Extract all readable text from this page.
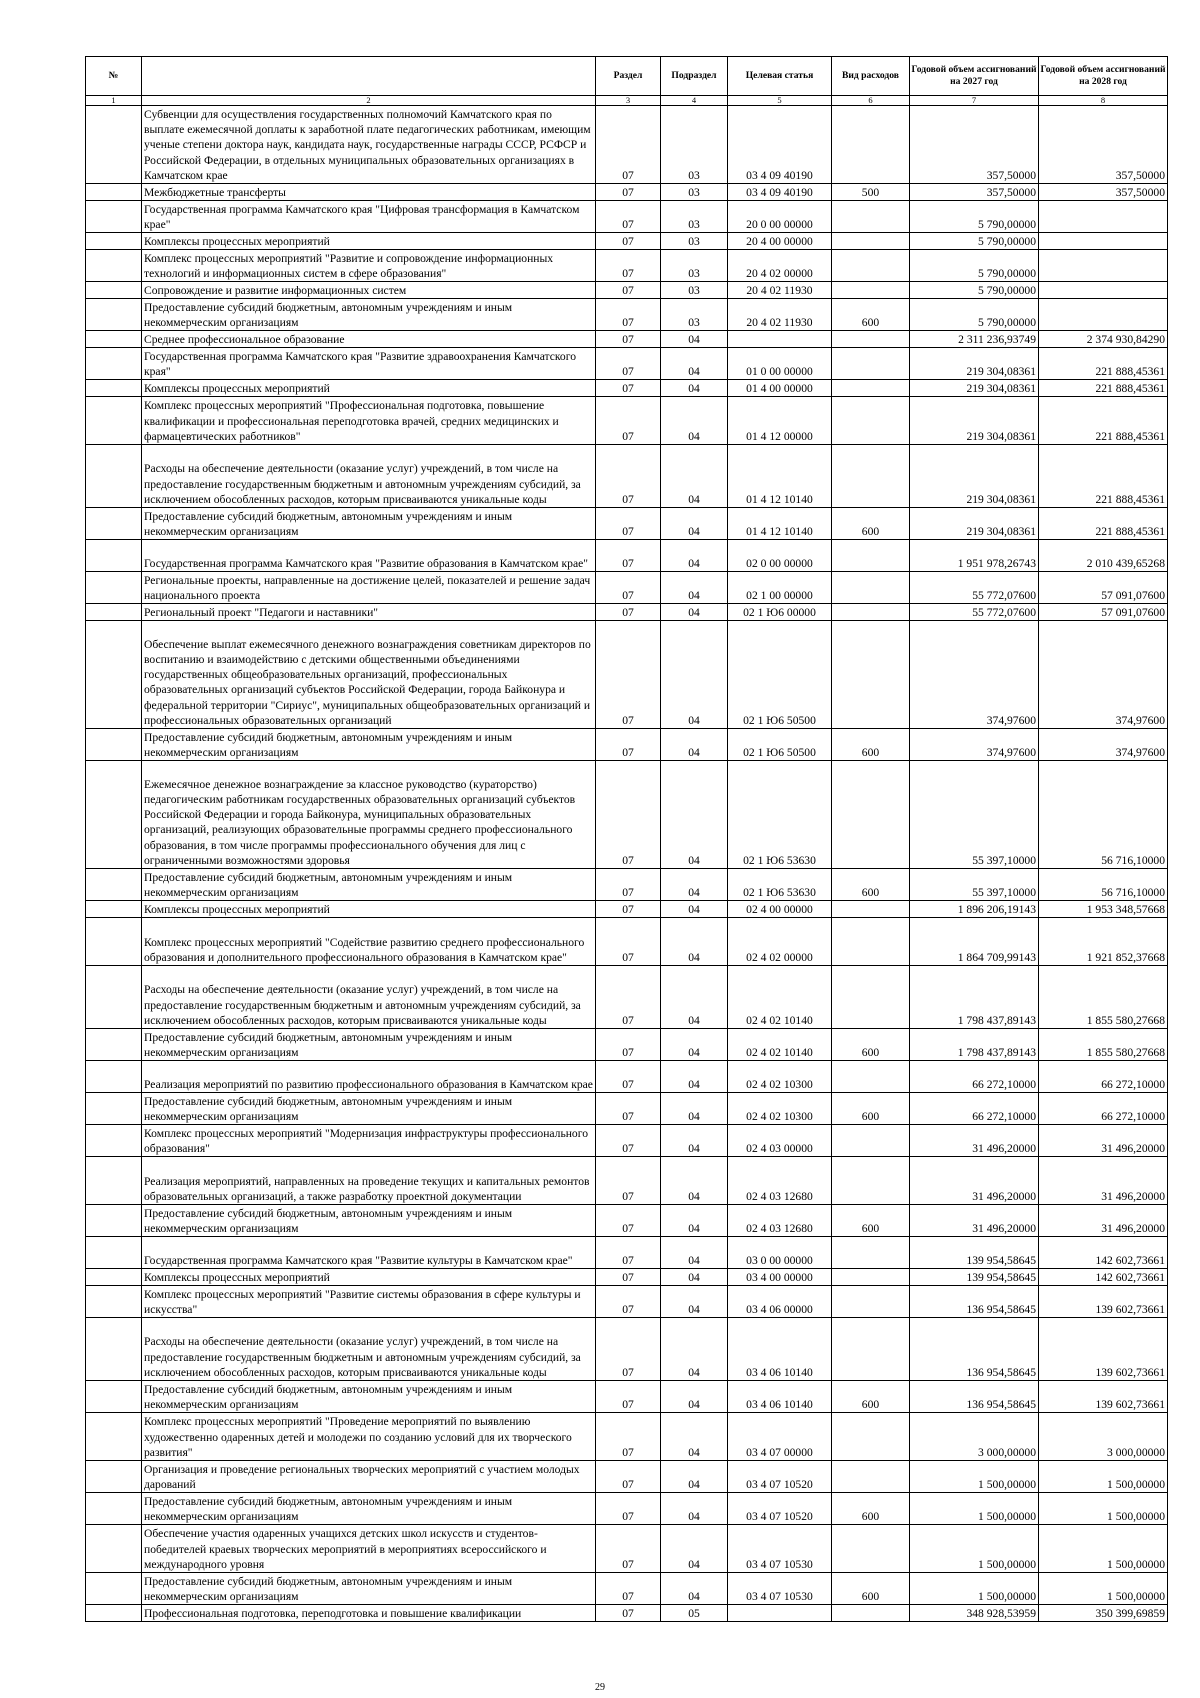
№		Раздел	Подраздел	Целевая статья	Вид расходов	Годовой объем ассигнований на 2027 год	Годовой объем ассигнований на 2028 год
1	2	3	4	5	6	7	8
	Субвенции для осуществления государственных полномочий Камчатского края по выплате ежемесячной доплаты к заработной плате педагогических работникам, имеющим ученые степени доктора наук, кандидата наук, государственные награды СССР, РСФСР и Российской Федерации, в отдельных муниципальных образовательных организациях в Камчатском крае	07	03	03 4 09 40190		357,50000	357,50000
	Межбюджетные трансферты	07	03	03 4 09 40190	500	357,50000	357,50000
	Государственная программа Камчатского края "Цифровая трансформация в Камчатском крае"	07	03	20 0 00 00000		5 790,00000	
	Комплексы процессных мероприятий	07	03	20 4 00 00000		5 790,00000	
	Комплекс процессных мероприятий "Развитие и сопровождение информационных технологий и информационных систем в сфере образования"	07	03	20 4 02 00000		5 790,00000	
	Сопровождение и развитие информационных систем	07	03	20 4 02 11930		5 790,00000	
	Предоставление субсидий бюджетным, автономным учреждениям и иным некоммерческим организациям	07	03	20 4 02 11930	600	5 790,00000	
	Среднее профессиональное образование	07	04			2 311 236,93749	2 374 930,84290
	Государственная программа Камчатского края "Развитие здравоохранения Камчатского края"	07	04	01 0 00 00000		219 304,08361	221 888,45361
	Комплексы процессных мероприятий	07	04	01 4 00 00000		219 304,08361	221 888,45361
	Комплекс процессных мероприятий "Профессиональная подготовка, повышение квалификации и профессиональная переподготовка врачей, средних медицинских и фармацевтических работников"	07	04	01 4 12 00000		219 304,08361	221 888,45361
	Расходы на обеспечение деятельности (оказание услуг) учреждений, в том числе на предоставление государственным бюджетным и автономным учреждениям субсидий, за исключением обособленных расходов, которым присваиваются уникальные коды	07	04	01 4 12 10140		219 304,08361	221 888,45361
	Предоставление субсидий бюджетным, автономным учреждениям и иным некоммерческим организациям	07	04	01 4 12 10140	600	219 304,08361	221 888,45361
	Государственная программа Камчатского края "Развитие образования в Камчатском крае"	07	04	02 0 00 00000		1 951 978,26743	2 010 439,65268
	Региональные проекты, направленные на достижение целей, показателей и решение задач национального проекта	07	04	02 1 00 00000		55 772,07600	57 091,07600
	Региональный проект "Педагоги и наставники"	07	04	02 1 Ю6 00000		55 772,07600	57 091,07600
	Обеспечение выплат ежемесячного денежного вознаграждения советникам директоров по воспитанию и взаимодействию с детскими общественными объединениями государственных общеобразовательных организаций, профессиональных образовательных организаций субъектов Российской Федерации, города Байконура и федеральной территории "Сириус", муниципальных общеобразовательных организаций и профессиональных образовательных организаций	07	04	02 1 Ю6 50500		374,97600	374,97600
	Предоставление субсидий бюджетным, автономным учреждениям и иным некоммерческим организациям	07	04	02 1 Ю6 50500	600	374,97600	374,97600
	Ежемесячное денежное вознаграждение за классное руководство (кураторство) педагогическим работникам государственных образовательных организаций субъектов Российской Федерации и города Байконура, муниципальных образовательных организаций, реализующих образовательные программы среднего профессионального образования, в том числе программы профессионального обучения для лиц с ограниченными возможностями здоровья	07	04	02 1 Ю6 53630		55 397,10000	56 716,10000
	Предоставление субсидий бюджетным, автономным учреждениям и иным некоммерческим организациям	07	04	02 1 Ю6 53630	600	55 397,10000	56 716,10000
	Комплексы процессных мероприятий	07	04	02 4 00 00000		1 896 206,19143	1 953 348,57668
	Комплекс процессных мероприятий "Содействие развитию среднего профессионального образования и дополнительного профессионального образования в Камчатском крае"	07	04	02 4 02 00000		1 864 709,99143	1 921 852,37668
	Расходы на обеспечение деятельности (оказание услуг) учреждений, в том числе на предоставление государственным бюджетным и автономным учреждениям субсидий, за исключением обособленных расходов, которым присваиваются уникальные коды	07	04	02 4 02 10140		1 798 437,89143	1 855 580,27668
	Предоставление субсидий бюджетным, автономным учреждениям и иным некоммерческим организациям	07	04	02 4 02 10140	600	1 798 437,89143	1 855 580,27668
	Реализация мероприятий по развитию профессионального образования в Камчатском крае	07	04	02 4 02 10300		66 272,10000	66 272,10000
	Предоставление субсидий бюджетным, автономным учреждениям и иным некоммерческим организациям	07	04	02 4 02 10300	600	66 272,10000	66 272,10000
	Комплекс процессных мероприятий "Модернизация инфраструктуры профессионального образования"	07	04	02 4 03 00000		31 496,20000	31 496,20000
	Реализация мероприятий, направленных на проведение текущих и капитальных ремонтов образовательных организаций, а также разработку проектной документации	07	04	02 4 03 12680		31 496,20000	31 496,20000
	Предоставление субсидий бюджетным, автономным учреждениям и иным некоммерческим организациям	07	04	02 4 03 12680	600	31 496,20000	31 496,20000
	Государственная программа Камчатского края "Развитие культуры в Камчатском крае"	07	04	03 0 00 00000		139 954,58645	142 602,73661
	Комплексы процессных мероприятий	07	04	03 4 00 00000		139 954,58645	142 602,73661
	Комплекс процессных мероприятий "Развитие системы образования в сфере культуры и искусства"	07	04	03 4 06 00000		136 954,58645	139 602,73661
	Расходы на обеспечение деятельности (оказание услуг) учреждений, в том числе на предоставление государственным бюджетным и автономным учреждениям субсидий, за исключением обособленных расходов, которым присваиваются уникальные коды	07	04	03 4 06 10140		136 954,58645	139 602,73661
	Предоставление субсидий бюджетным, автономным учреждениям и иным некоммерческим организациям	07	04	03 4 06 10140	600	136 954,58645	139 602,73661
	Комплекс процессных мероприятий "Проведение мероприятий по выявлению художественно одаренных детей и молодежи по созданию условий для их творческого развития"	07	04	03 4 07 00000		3 000,00000	3 000,00000
	Организация и проведение региональных творческих мероприятий с участием молодых дарований	07	04	03 4 07 10520		1 500,00000	1 500,00000
	Предоставление субсидий бюджетным, автономным учреждениям и иным некоммерческим организациям	07	04	03 4 07 10520	600	1 500,00000	1 500,00000
	Обеспечение участия одаренных учащихся детских школ искусств и студентов-победителей краевых творческих мероприятий в мероприятиях всероссийского и международного уровня	07	04	03 4 07 10530		1 500,00000	1 500,00000
	Предоставление субсидий бюджетным, автономным учреждениям и иным некоммерческим организациям	07	04	03 4 07 10530	600	1 500,00000	1 500,00000
	Профессиональная подготовка, переподготовка и повышение квалификации	07	05			348 928,53959	350 399,69859
29
